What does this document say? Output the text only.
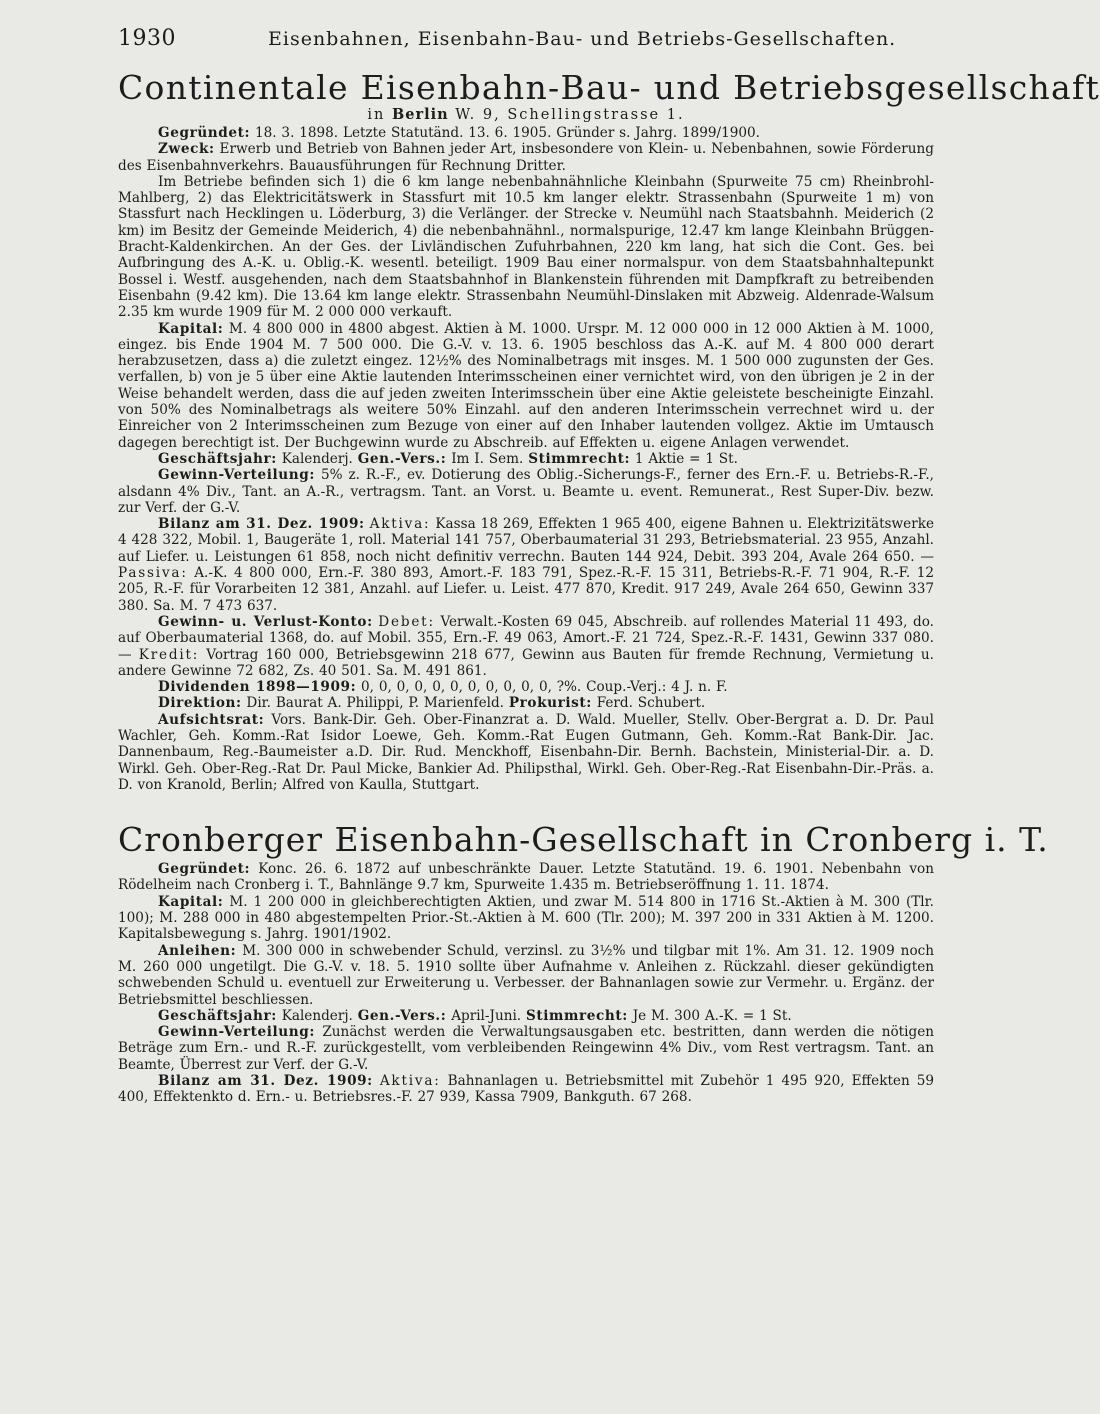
1930	Eisenbahnen, Eisenbahn-Bau- und Betriebs-Gesellschaften.
Continentale Eisenbahn-Bau- und Betriebsgesellschaft

in Berlin W. 9, Schellingstrasse 1.

Gegründet: 18. 3. 1898. Letzte Statutänd. 13. 6. 1905. Gründer s. Jahrg. 1899/1900.

Zweck: Erwerb und Betrieb von Bahnen jeder Art, insbesondere von Klein- u. Nebenbahnen, sowie Förderung des Eisenbahnverkehrs. Bauausführungen für Rechnung Dritter.

Im Betriebe befinden sich 1) die 6 km lange nebenbahnähnliche Kleinbahn (Spurweite 75 cm) Rheinbrohl-Mahlberg, 2) das Elektricitätswerk in Stassfurt mit 10.5 km langer elektr. Strassenbahn (Spurweite 1 m) von Stassfurt nach Hecklingen u. Löderburg, 3) die Verlänger. der Strecke v. Neumühl nach Staatsbahnh. Meiderich (2 km) im Besitz der Gemeinde Meiderich, 4) die nebenbahnähnl., normalspurige, 12.47 km lange Kleinbahn Brüggen-Bracht-Kaldenkirchen. An der Ges. der Livländischen Zufuhrbahnen, 220 km lang, hat sich die Cont. Ges. bei Aufbringung des A.-K. u. Oblig.-K. wesentl. beteiligt. 1909 Bau einer normalspur. von dem Staatsbahnhaltepunkt Bossel i. Westf. ausgehenden, nach dem Staatsbahnhof in Blankenstein führenden mit Dampfkraft zu betreibenden Eisenbahn (9.42 km). Die 13.64 km lange elektr. Strassenbahn Neumühl-Dinslaken mit Abzweig. Aldenrade-Walsum 2.35 km wurde 1909 für M. 2 000 000 verkauft.

Kapital: M. 4 800 000 in 4800 abgest. Aktien à M. 1000. Urspr. M. 12 000 000 in 12 000 Aktien à M. 1000, eingez. bis Ende 1904 M. 7 500 000. Die G.-V. v. 13. 6. 1905 beschloss das A.-K. auf M. 4 800 000 derart herabzusetzen, dass a) die zuletzt eingez. 12½% des Nominalbetrags mit insges. M. 1 500 000 zugunsten der Ges. verfallen, b) von je 5 über eine Aktie lautenden Interimsscheinen einer vernichtet wird, von den übrigen je 2 in der Weise behandelt werden, dass die auf jeden zweiten Interimsschein über eine Aktie geleistete bescheinigte Einzahl. von 50% des Nominalbetrags als weitere 50% Einzahl. auf den anderen Interimsschein verrechnet wird u. der Einreicher von 2 Interimsscheinen zum Bezuge von einer auf den Inhaber lautenden vollgez. Aktie im Umtausch dagegen berechtigt ist. Der Buchgewinn wurde zu Abschreib. auf Effekten u. eigene Anlagen verwendet.

Geschäftsjahr: Kalenderj. Gen.-Vers.: Im I. Sem. Stimmrecht: 1 Aktie = 1 St.

Gewinn-Verteilung: 5% z. R.-F., ev. Dotierung des Oblig.-Sicherungs-F., ferner des Ern.-F. u. Betriebs-R.-F., alsdann 4% Div., Tant. an A.-R., vertragsm. Tant. an Vorst. u. Beamte u. event. Remunerat., Rest Super-Div. bezw. zur Verf. der G.-V.

Bilanz am 31. Dez. 1909: Aktiva: Kassa 18 269, Effekten 1 965 400, eigene Bahnen u. Elektrizitätswerke 4 428 322, Mobil. 1, Baugeräte 1, roll. Material 141 757, Oberbaumaterial 31 293, Betriebsmaterial. 23 955, Anzahl. auf Liefer. u. Leistungen 61 858, noch nicht definitiv verrechn. Bauten 144 924, Debit. 393 204, Avale 264 650. — Passiva: A.-K. 4 800 000, Ern.-F. 380 893, Amort.-F. 183 791, Spez.-R.-F. 15 311, Betriebs-R.-F. 71 904, R.-F. 12 205, R.-F. für Vorarbeiten 12 381, Anzahl. auf Liefer. u. Leist. 477 870, Kredit. 917 249, Avale 264 650, Gewinn 337 380. Sa. M. 7 473 637.

Gewinn- u. Verlust-Konto: Debet: Verwalt.-Kosten 69 045, Abschreib. auf rollendes Material 11 493, do. auf Oberbaumaterial 1368, do. auf Mobil. 355, Ern.-F. 49 063, Amort.-F. 21 724, Spez.-R.-F. 1431, Gewinn 337 080. — Kredit: Vortrag 160 000, Betriebsgewinn 218 677, Gewinn aus Bauten für fremde Rechnung, Vermietung u. andere Gewinne 72 682, Zs. 40 501. Sa. M. 491 861.

Dividenden 1898—1909: 0, 0, 0, 0, 0, 0, 0, 0, 0, 0, 0, ?%. Coup.-Verj.: 4 J. n. F.

Direktion: Dir. Baurat A. Philippi, P. Marienfeld. Prokurist: Ferd. Schubert.

Aufsichtsrat: Vors. Bank-Dir. Geh. Ober-Finanzrat a. D. Wald. Mueller, Stellv. Ober-Bergrat a. D. Dr. Paul Wachler, Geh. Komm.-Rat Isidor Loewe, Geh. Komm.-Rat Eugen Gutmann, Geh. Komm.-Rat Bank-Dir. Jac. Dannenbaum, Reg.-Baumeister a.D. Dir. Rud. Menckhoff, Eisenbahn-Dir. Bernh. Bachstein, Ministerial-Dir. a. D. Wirkl. Geh. Ober-Reg.-Rat Dr. Paul Micke, Bankier Ad. Philipsthal, Wirkl. Geh. Ober-Reg.-Rat Eisenbahn-Dir.-Präs. a. D. von Kranold, Berlin; Alfred von Kaulla, Stuttgart.

Cronberger Eisenbahn-Gesellschaft in Cronberg i. T.

Gegründet: Konc. 26. 6. 1872 auf unbeschränkte Dauer. Letzte Statutänd. 19. 6. 1901. Nebenbahn von Rödelheim nach Cronberg i. T., Bahnlänge 9.7 km, Spurweite 1.435 m. Betriebseröffnung 1. 11. 1874.

Kapital: M. 1 200 000 in gleichberechtigten Aktien, und zwar M. 514 800 in 1716 St.-Aktien à M. 300 (Tlr. 100); M. 288 000 in 480 abgestempelten Prior.-St.-Aktien à M. 600 (Tlr. 200); M. 397 200 in 331 Aktien à M. 1200. Kapitalsbewegung s. Jahrg. 1901/1902.

Anleihen: M. 300 000 in schwebender Schuld, verzinsl. zu 3½% und tilgbar mit 1%. Am 31. 12. 1909 noch M. 260 000 ungetilgt. Die G.-V. v. 18. 5. 1910 sollte über Aufnahme v. Anleihen z. Rückzahl. dieser gekündigten schwebenden Schuld u. eventuell zur Erweiterung u. Verbesser. der Bahnanlagen sowie zur Vermehr. u. Ergänz. der Betriebsmittel beschliessen.

Geschäftsjahr: Kalenderj. Gen.-Vers.: April-Juni. Stimmrecht: Je M. 300 A.-K. = 1 St.

Gewinn-Verteilung: Zunächst werden die Verwaltungsausgaben etc. bestritten, dann werden die nötigen Beträge zum Ern.- und R.-F. zurückgestellt, vom verbleibenden Reingewinn 4% Div., vom Rest vertragsm. Tant. an Beamte, Überrest zur Verf. der G.-V.

Bilanz am 31. Dez. 1909: Aktiva: Bahnanlagen u. Betriebsmittel mit Zubehör 1 495 920, Effekten 59 400, Effektenkto d. Ern.- u. Betriebsres.-F. 27 939, Kassa 7909, Bankguth. 67 268.
